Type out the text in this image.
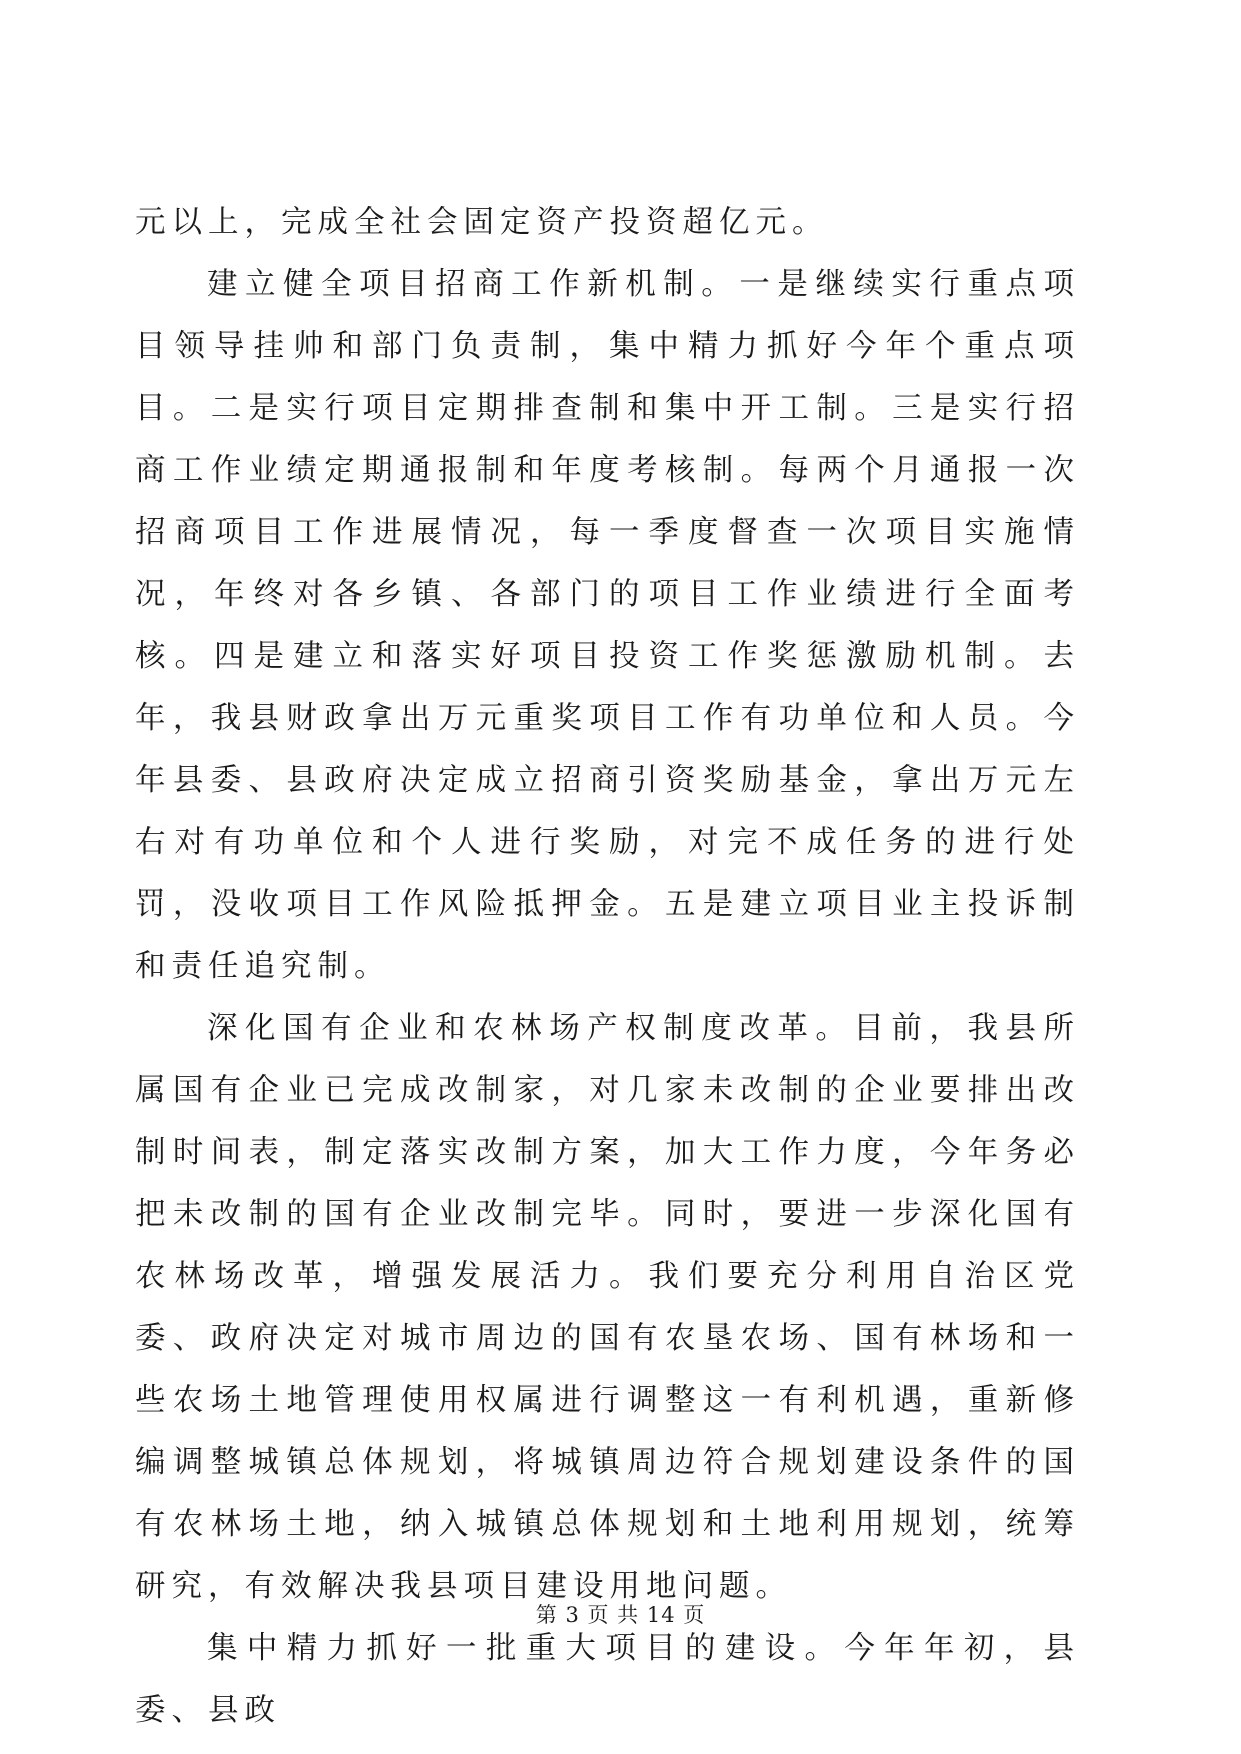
元以上，完成全社会固定资产投资超亿元。

建立健全项目招商工作新机制。一是继续实行重点项目领导挂帅和部门负责制，集中精力抓好今年个重点项目。二是实行项目定期排查制和集中开工制。三是实行招商工作业绩定期通报制和年度考核制。每两个月通报一次招商项目工作进展情况，每一季度督查一次项目实施情况，年终对各乡镇、各部门的项目工作业绩进行全面考核。四是建立和落实好项目投资工作奖惩激励机制。去年，我县财政拿出万元重奖项目工作有功单位和人员。今年县委、县政府决定成立招商引资奖励基金，拿出万元左右对有功单位和个人进行奖励，对完不成任务的进行处罚，没收项目工作风险抵押金。五是建立项目业主投诉制和责任追究制。

深化国有企业和农林场产权制度改革。目前，我县所属国有企业已完成改制家，对几家未改制的企业要排出改制时间表，制定落实改制方案，加大工作力度，今年务必把未改制的国有企业改制完毕。同时，要进一步深化国有农林场改革，增强发展活力。我们要充分利用自治区党委、政府决定对城市周边的国有农垦农场、国有林场和一些农场土地管理使用权属进行调整这一有利机遇，重新修编调整城镇总体规划，将城镇周边符合规划建设条件的国有农林场土地，纳入城镇总体规划和土地利用规划，统筹研究，有效解决我县项目建设用地问题。

集中精力抓好一批重大项目的建设。今年年初，县委、县政

第 3 页 共 14 页
